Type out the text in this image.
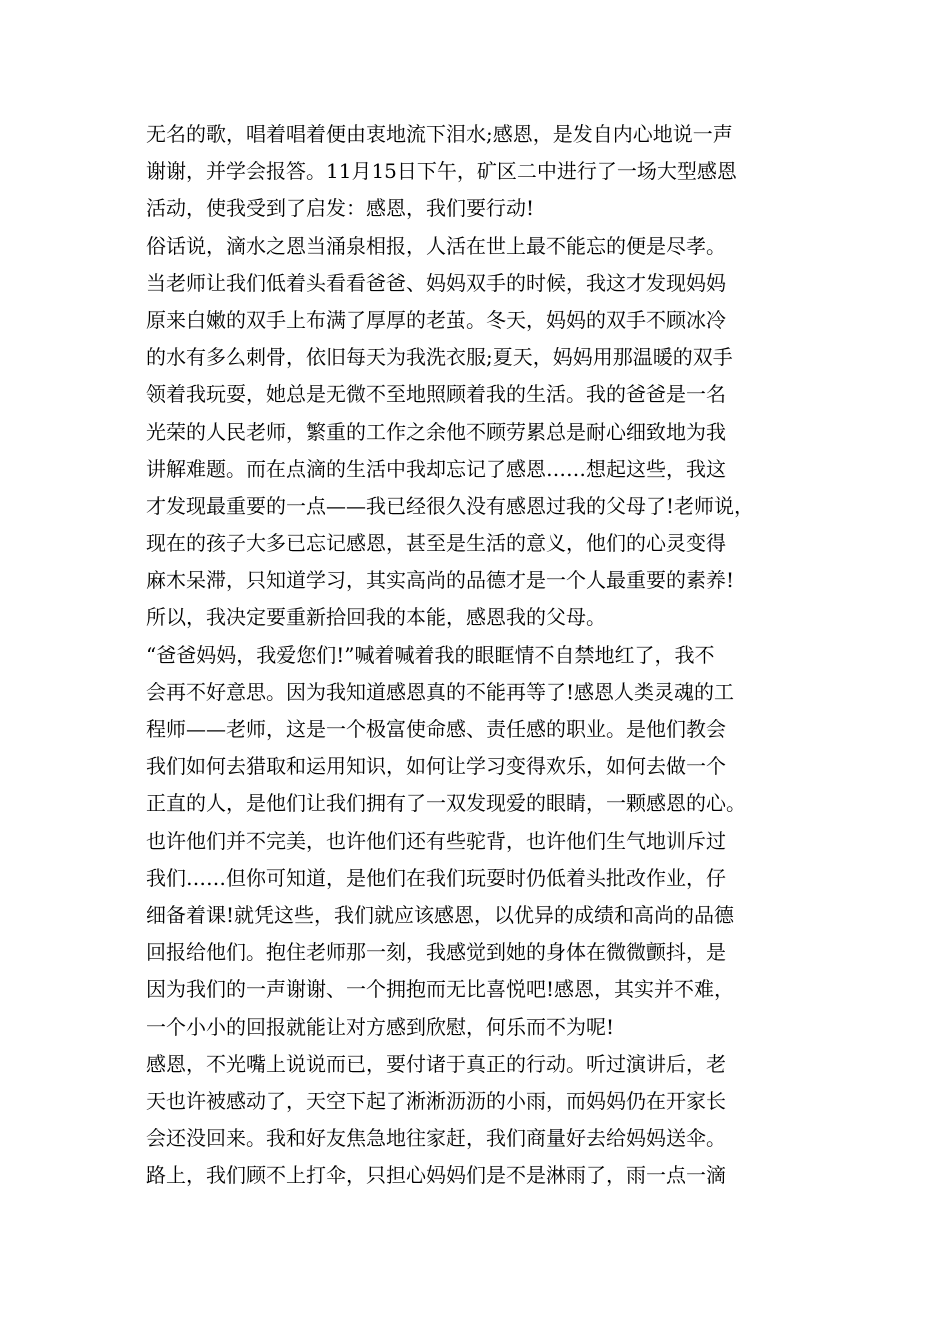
无名的歌，唱着唱着便由衷地流下泪水;感恩，是发自内心地说一声
谢谢，并学会报答。11月15日下午，矿区二中进行了一场大型感恩
活动，使我受到了启发：感恩，我们要行动!
俗话说，滴水之恩当涌泉相报，人活在世上最不能忘的便是尽孝。
当老师让我们低着头看看爸爸、妈妈双手的时候，我这才发现妈妈
原来白嫩的双手上布满了厚厚的老茧。冬天，妈妈的双手不顾冰冷
的水有多么刺骨，依旧每天为我洗衣服;夏天，妈妈用那温暖的双手
领着我玩耍，她总是无微不至地照顾着我的生活。我的爸爸是一名
光荣的人民老师，繁重的工作之余他不顾劳累总是耐心细致地为我
讲解难题。而在点滴的生活中我却忘记了感恩……想起这些，我这
才发现最重要的一点——我已经很久没有感恩过我的父母了!老师说，
现在的孩子大多已忘记感恩，甚至是生活的意义，他们的心灵变得
麻木呆滞，只知道学习，其实高尚的品德才是一个人最重要的素养!
所以，我决定要重新拾回我的本能，感恩我的父母。
“爸爸妈妈，我爱您们!”喊着喊着我的眼眶情不自禁地红了，我不
会再不好意思。因为我知道感恩真的不能再等了!感恩人类灵魂的工
程师——老师，这是一个极富使命感、责任感的职业。是他们教会
我们如何去猎取和运用知识，如何让学习变得欢乐，如何去做一个
正直的人，是他们让我们拥有了一双发现爱的眼睛，一颗感恩的心。
也许他们并不完美，也许他们还有些驼背，也许他们生气地训斥过
我们……但你可知道，是他们在我们玩耍时仍低着头批改作业，仔
细备着课!就凭这些，我们就应该感恩，以优异的成绩和高尚的品德
回报给他们。抱住老师那一刻，我感觉到她的身体在微微颤抖，是
因为我们的一声谢谢、一个拥抱而无比喜悦吧!感恩，其实并不难，
一个小小的回报就能让对方感到欣慰，何乐而不为呢!
感恩，不光嘴上说说而已，要付诸于真正的行动。听过演讲后，老
天也许被感动了，天空下起了淅淅沥沥的小雨，而妈妈仍在开家长
会还没回来。我和好友焦急地往家赶，我们商量好去给妈妈送伞。
路上，我们顾不上打伞，只担心妈妈们是不是淋雨了，雨一点一滴
